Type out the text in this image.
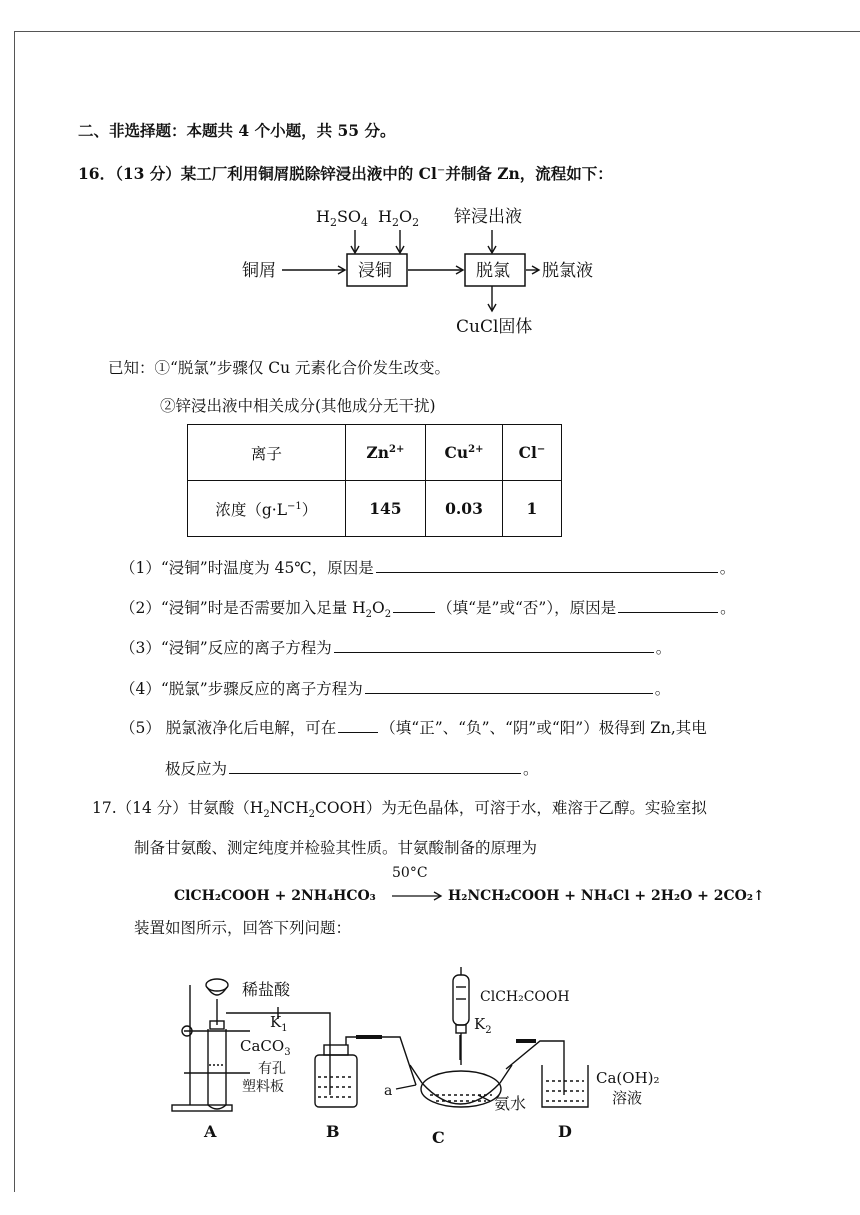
二、非选择题：本题共 4 个小题，共 55 分。
16．（13 分）某工厂利用铜屑脱除锌浸出液中的 Cl−并制备 Zn，流程如下：
$H_2SO_4$ $H_2O_2$ 锌浸出液
铜屑	浸铜	脱氯 脱氯液
CuCl固体
已知：①“脱氯”步骤仅 Cu 元素化合价发生改变。
②锌浸出液中相关成分(其他成分无干扰)
离子	$Zn^{2+}$	$Cu^{2+}$	Cl−
浓度$(g\cdot L^{-1})$	145	0.03	1
（1）“浸铜”时温度为 45℃，原因是	。
（2）“浸铜”时是否需要加入足量 $H_2O_2$	（填“是”或“否”），原因是	。
（3）“浸铜”反应的离子方程为	。
（4）“脱氯”步骤反应的离子方程为	。
（5） 脱氯液净化后电解，可在	（填“正”、“负”、“阴”或“阳”）极得到 Zn,其电
极反应为	。
17.（14 分）甘氨酸$(H_2NCH_2COOH)$为无色晶体，可溶于水，难溶于乙醇。实验室拟
制备甘氨酸、测定纯度并检验其性质。甘氨酸制备的原理为
50°C
ClCH₂COOH + 2NH₄HCO₃ → H₂NCH₂COOH + NH₄Cl + 2H₂O + 2CO₂↑
装置如图所示，回答下列问题：
稀盐酸
$K_1$
CaCO$_3$
有孔
塑料板
ClCH₂COOH
$K_2$
a
氨水
Ca(OH)₂
溶液
A	B	C	D
